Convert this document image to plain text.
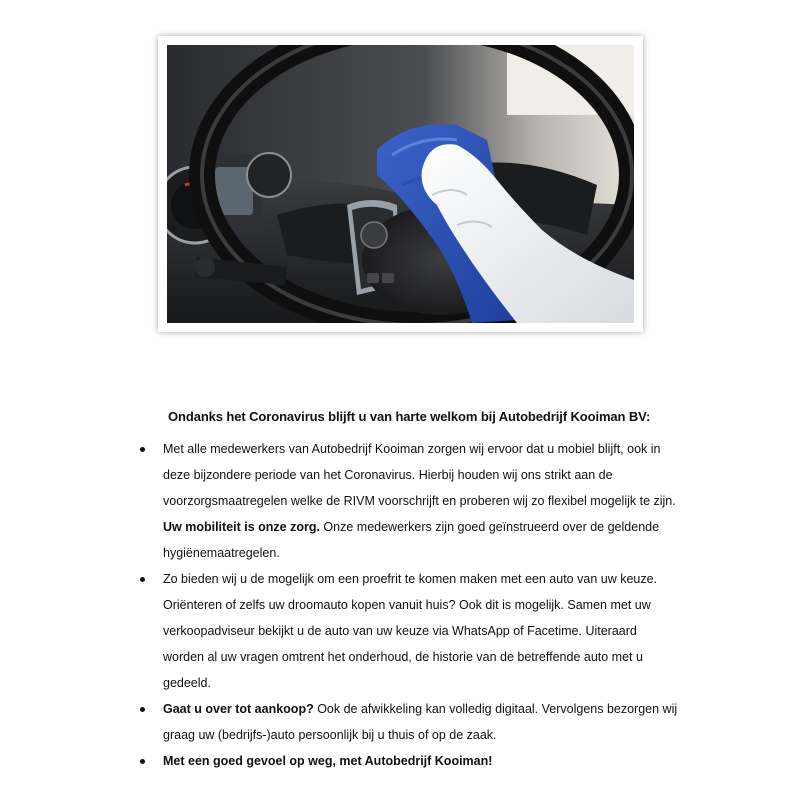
Ondanks het Coronavirus blijft u van harte welkom bij Autobedrijf Kooiman BV:
Met alle medewerkers van Autobedrijf Kooiman zorgen wij ervoor dat u mobiel blijft, ook in deze bijzondere periode van het Coronavirus. Hierbij houden wij ons strikt aan de voorzorgsmaatregelen welke de RIVM voorschrijft en proberen wij zo flexibel mogelijk te zijn. Uw mobiliteit is onze zorg. Onze medewerkers zijn goed geïnstrueerd over de geldende hygiënemaatregelen.
Zo bieden wij u de mogelijk om een proefrit te komen maken met een auto van uw keuze. Oriënteren of zelfs uw droomauto kopen vanuit huis? Ook dit is mogelijk. Samen met uw verkoopadviseur bekijkt u de auto van uw keuze via WhatsApp of Facetime. Uiteraard worden al uw vragen omtrent het onderhoud, de historie van de betreffende auto met u gedeeld.
Gaat u over tot aankoop? Ook de afwikkeling kan volledig digitaal. Vervolgens bezorgen wij graag uw (bedrijfs-)auto persoonlijk bij u thuis of op de zaak.
Met een goed gevoel op weg, met Autobedrijf Kooiman!
